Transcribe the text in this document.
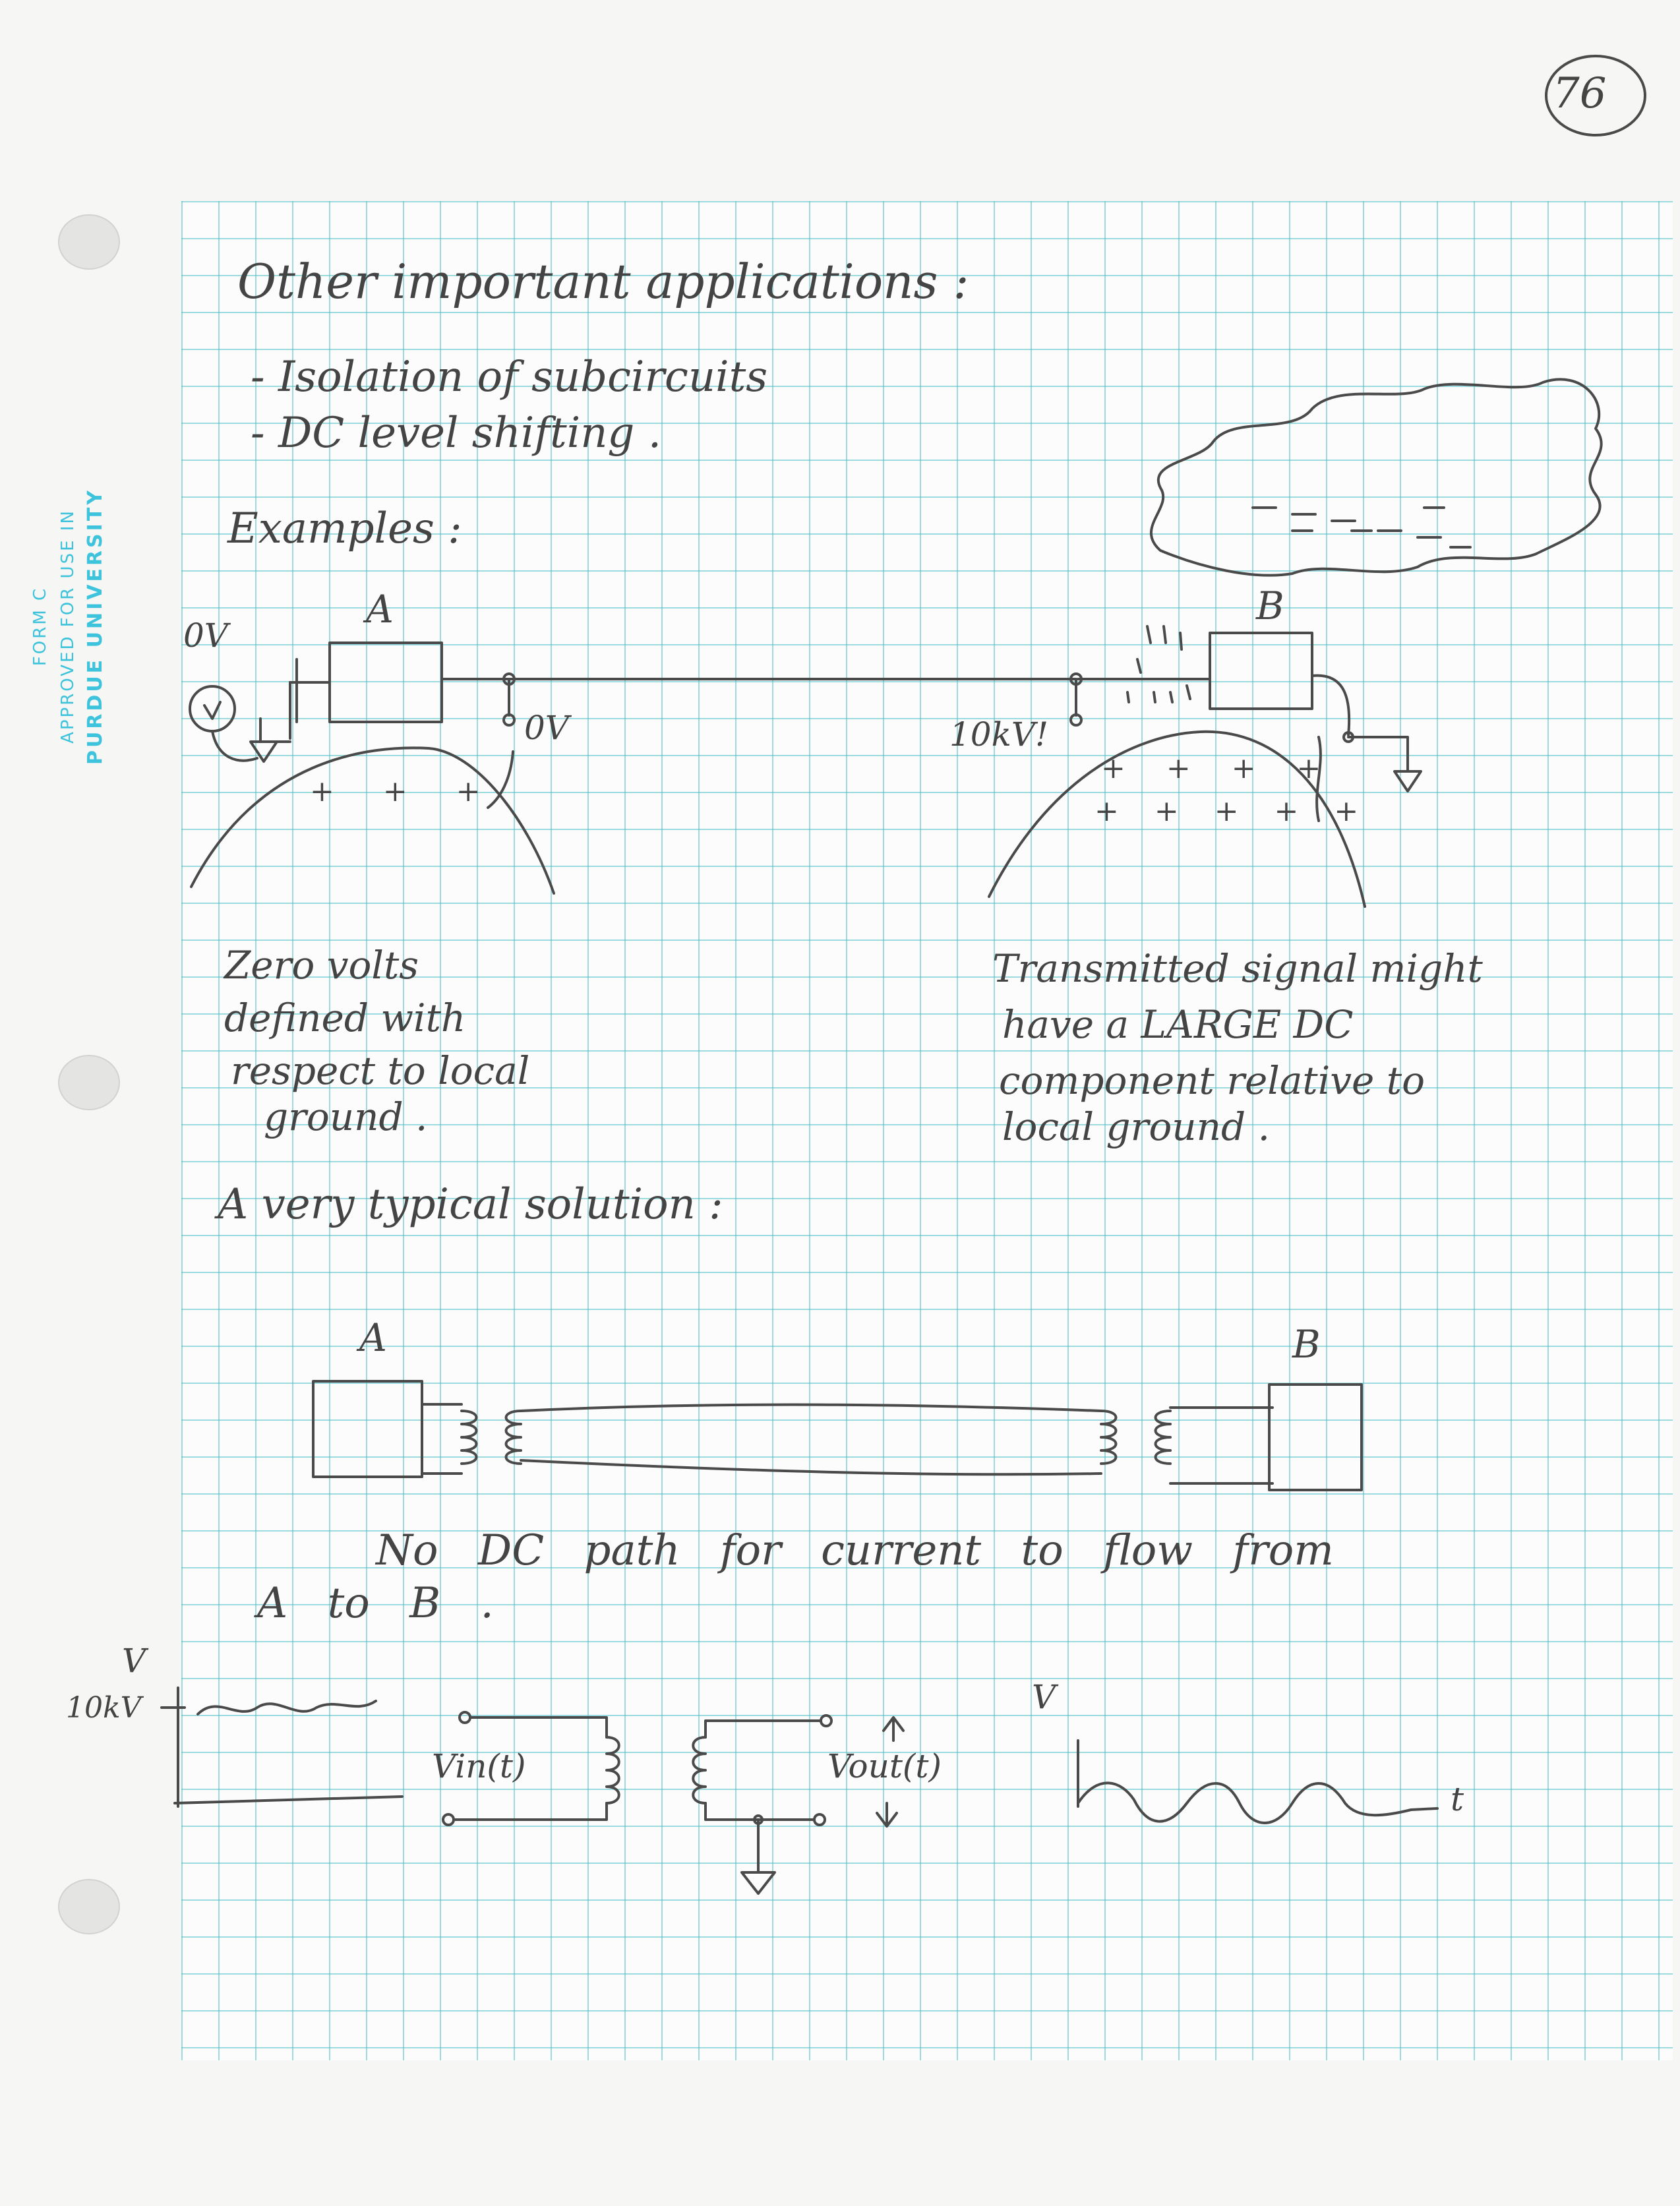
FORM C APPROVED FOR USE IN PURDUE UNIVERSITY
76
Other important applications :
- Isolation of subcircuits
- DC level shifting .
Examples :
A
0V
0V
+ + +
B
10kV!
+ + + +
+ + + + +
Zero volts
defined with
respect to local
ground .
Transmitted signal might
have a LARGE DC
component relative to
local ground .
A very typical solution :
A	B
No DC path for current to flow from
A to B .
V
10kV
Vin(t)	Vout(t)
V
t
